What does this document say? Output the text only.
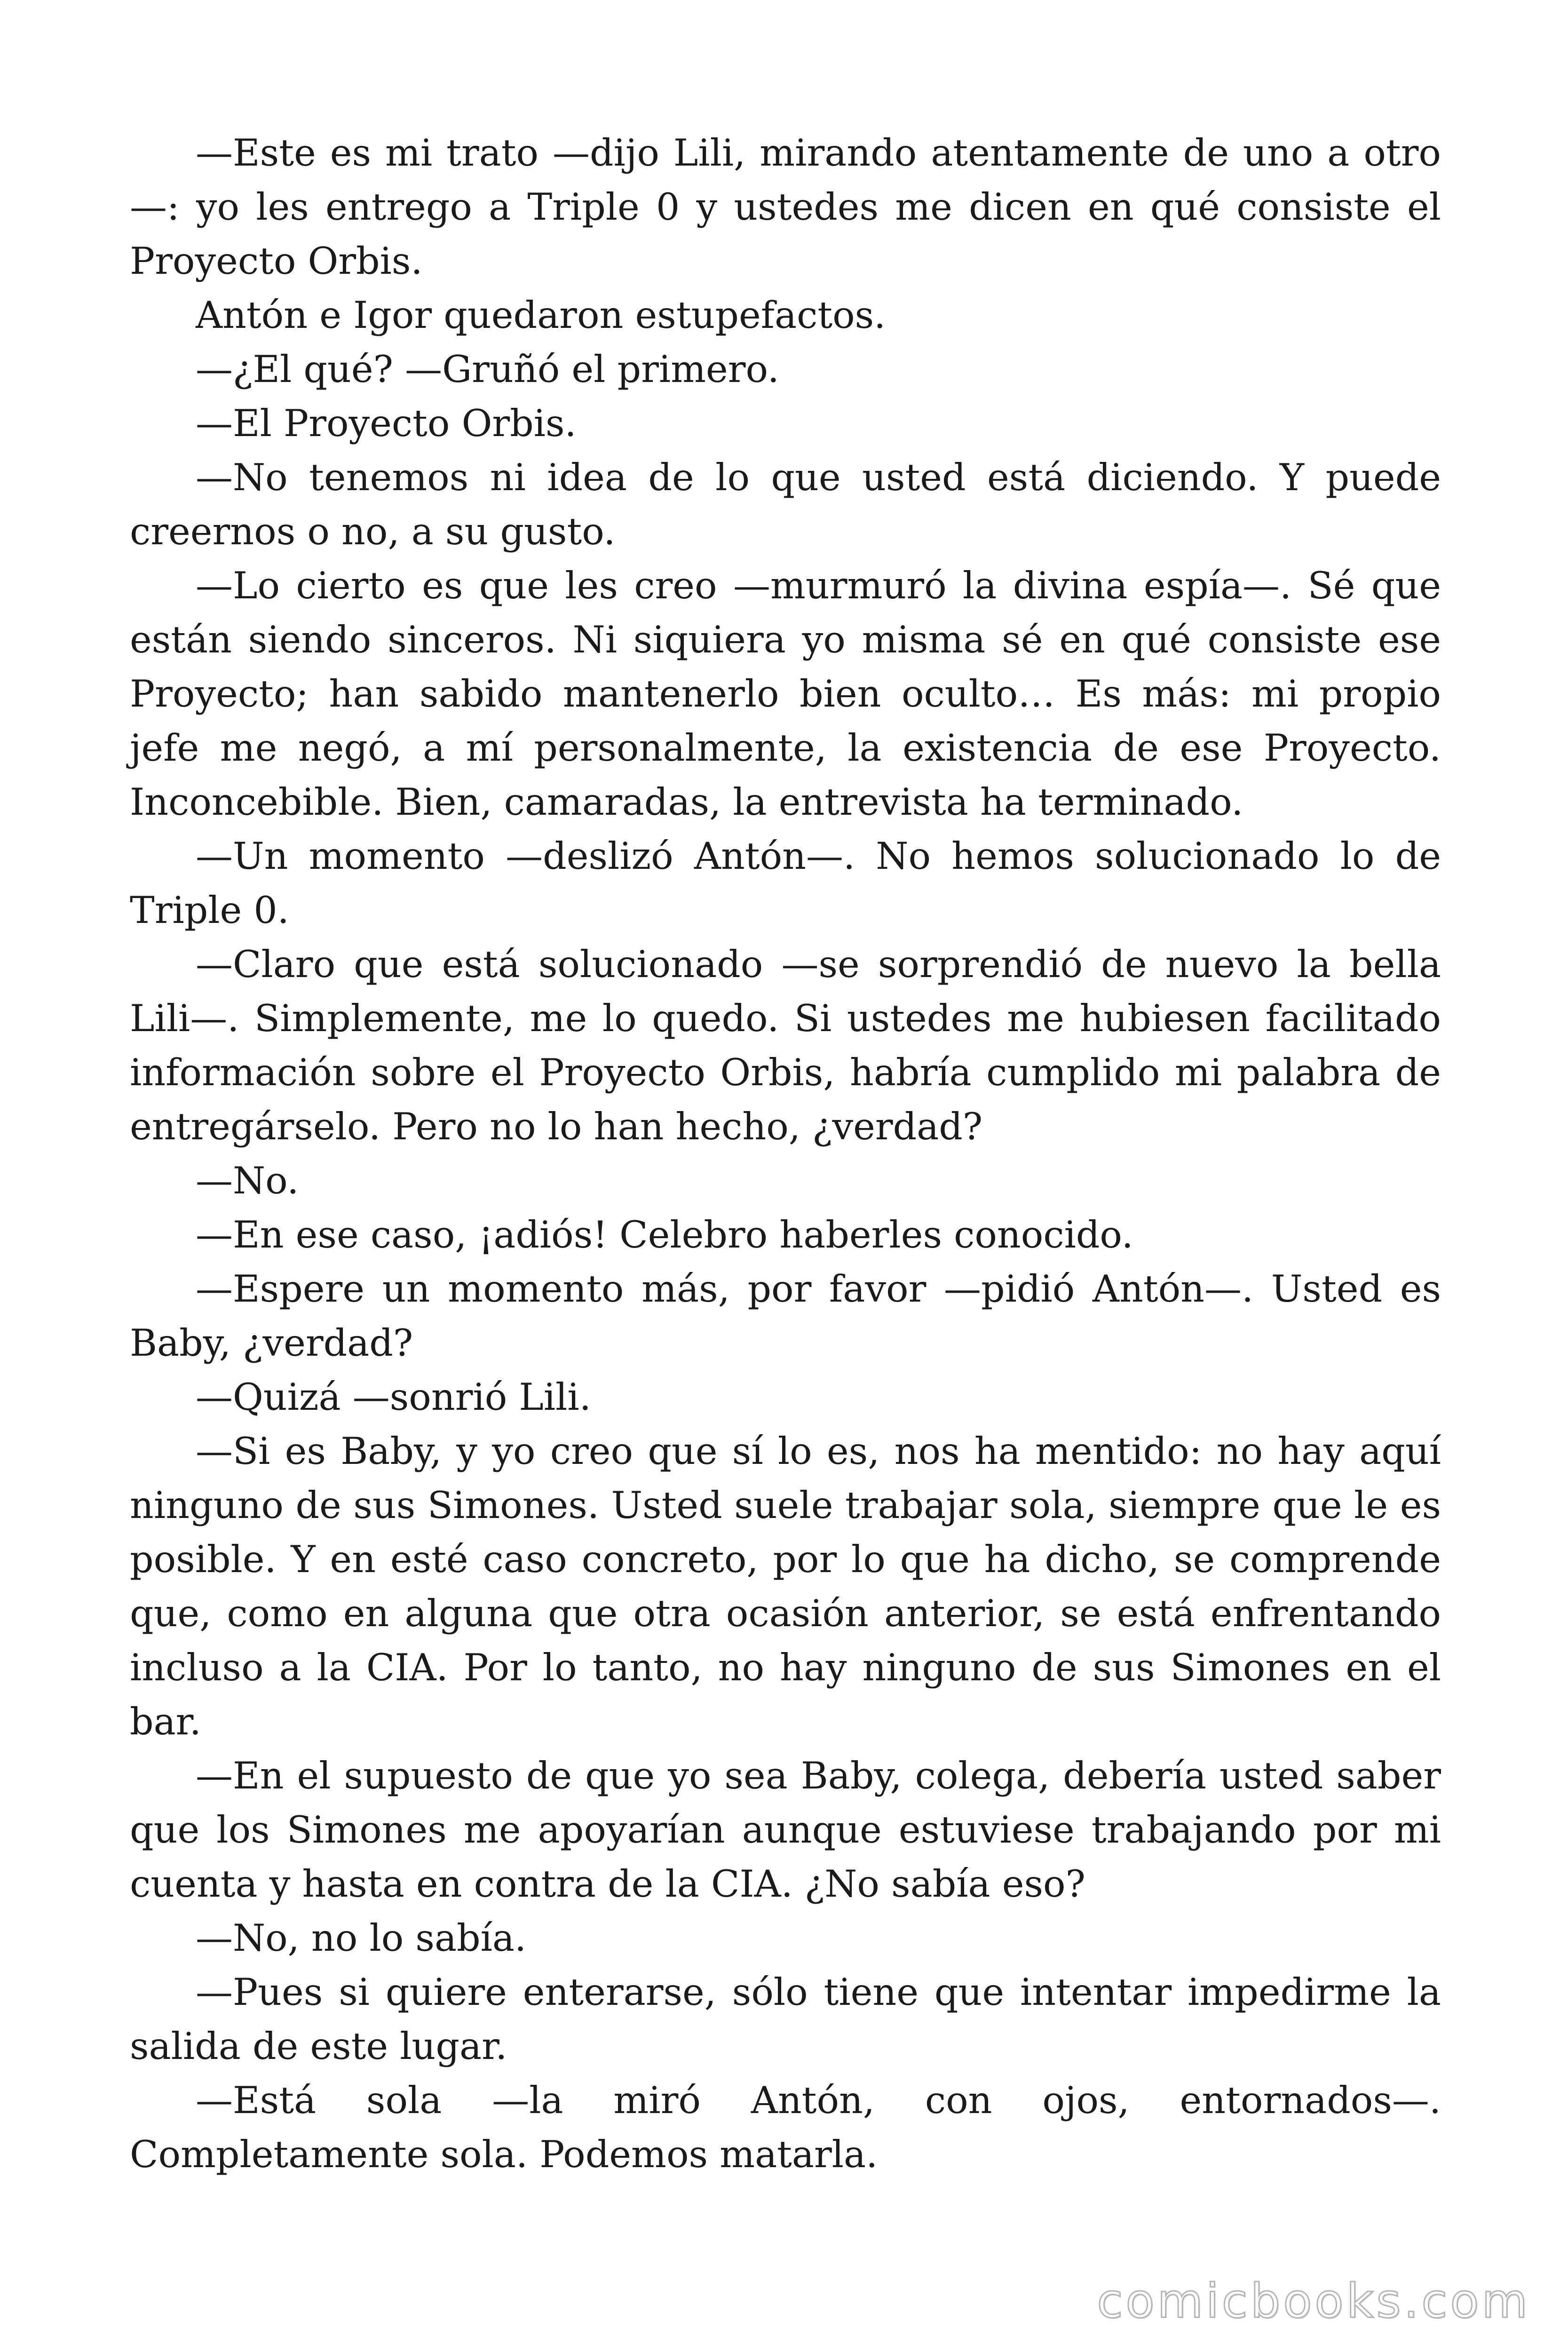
—Este es mi trato —dijo Lili, mirando atentamente de uno a otro—: yo les entrego a Triple 0 y ustedes me dicen en qué consiste el Proyecto Orbis.

Antón e Igor quedaron estupefactos.

—¿El qué? —Gruñó el primero.

—El Proyecto Orbis.

—No tenemos ni idea de lo que usted está diciendo. Y puede creernos o no, a su gusto.

—Lo cierto es que les creo —murmuró la divina espía—. Sé que están siendo sinceros. Ni siquiera yo misma sé en qué consiste ese Proyecto; han sabido mantenerlo bien oculto… Es más: mi propio jefe me negó, a mí personalmente, la existencia de ese Proyecto. Inconcebible. Bien, camaradas, la entrevista ha terminado.

—Un momento —deslizó Antón—. No hemos solucionado lo de Triple 0.

—Claro que está solucionado —se sorprendió de nuevo la bella Lili—. Simplemente, me lo quedo. Si ustedes me hubiesen facilitado información sobre el Proyecto Orbis, habría cumplido mi palabra de entregárselo. Pero no lo han hecho, ¿verdad?

—No.

—En ese caso, ¡adiós! Celebro haberles conocido.

—Espere un momento más, por favor —pidió Antón—. Usted es Baby, ¿verdad?

—Quizá —sonrió Lili.

—Si es Baby, y yo creo que sí lo es, nos ha mentido: no hay aquí ninguno de sus Simones. Usted suele trabajar sola, siempre que le es posible. Y en esté caso concreto, por lo que ha dicho, se comprende que, como en alguna que otra ocasión anterior, se está enfrentando incluso a la CIA. Por lo tanto, no hay ninguno de sus Simones en el bar.

—En el supuesto de que yo sea Baby, colega, debería usted saber que los Simones me apoyarían aunque estuviese trabajando por mi cuenta y hasta en contra de la CIA. ¿No sabía eso?

—No, no lo sabía.

—Pues si quiere enterarse, sólo tiene que intentar impedirme la salida de este lugar.

—Está sola —la miró Antón, con ojos, entornados—. Completamente sola. Podemos matarla.

comicbooks.com
